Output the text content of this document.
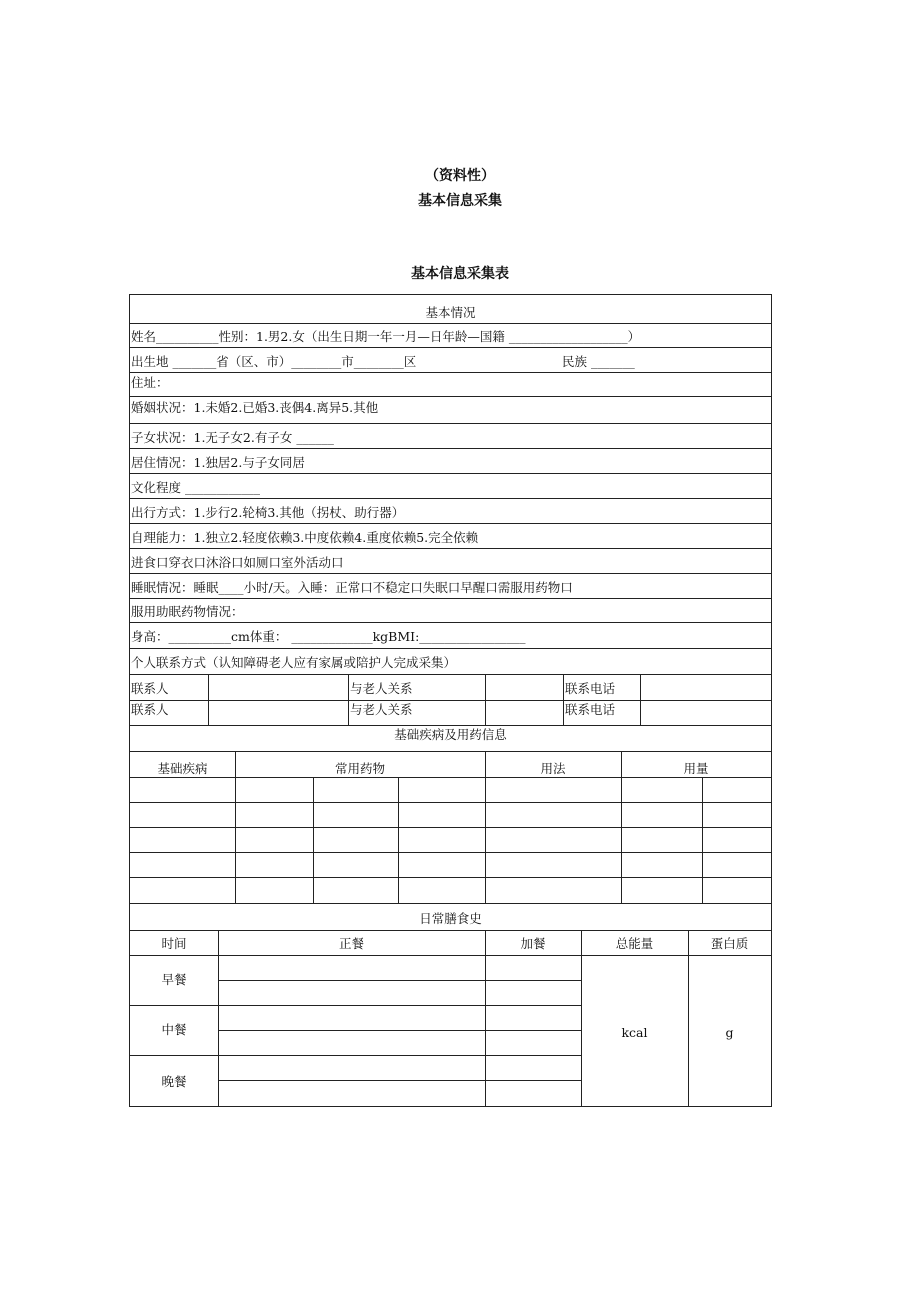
（资料性）
基本信息采集
基本信息采集表
基本情况
姓名__________性别：1.男2.女（出生日期一年一月—日年龄—国籍 ___________________）
出生地 _______省（区、市）________市________区	民族 _______
住址：
婚姻状况：1.未婚2.已婚3.丧偶4.离异5.其他
子女状况：1.无子女2.有子女 ______
居住情况：1.独居2.与子女同居
文化程度 ____________
出行方式：1.步行2.轮椅3.其他（拐杖、助行器）
自理能力：1.独立2.轻度依赖3.中度依赖4.重度依赖5.完全依赖
进食口穿衣口沐浴口如厕口室外活动口
睡眠情况：睡眠____小时/天。入睡：正常口不稳定口失眠口早醒口需服用药物口
服用助眠药物情况：
身高：__________cm体重： _____________kgBMI:_________________
个人联系方式（认知障碍老人应有家属或陪护人完成采集）
联系人	与老人关系	联系电话
联系人	与老人关系	联系电话
基础疾病及用药信息
基础疾病	常用药物	用法	用量
日常膳食史
时间	正餐	加餐	总能量	蛋白质
早餐
中餐
晚餐
kcal	g
